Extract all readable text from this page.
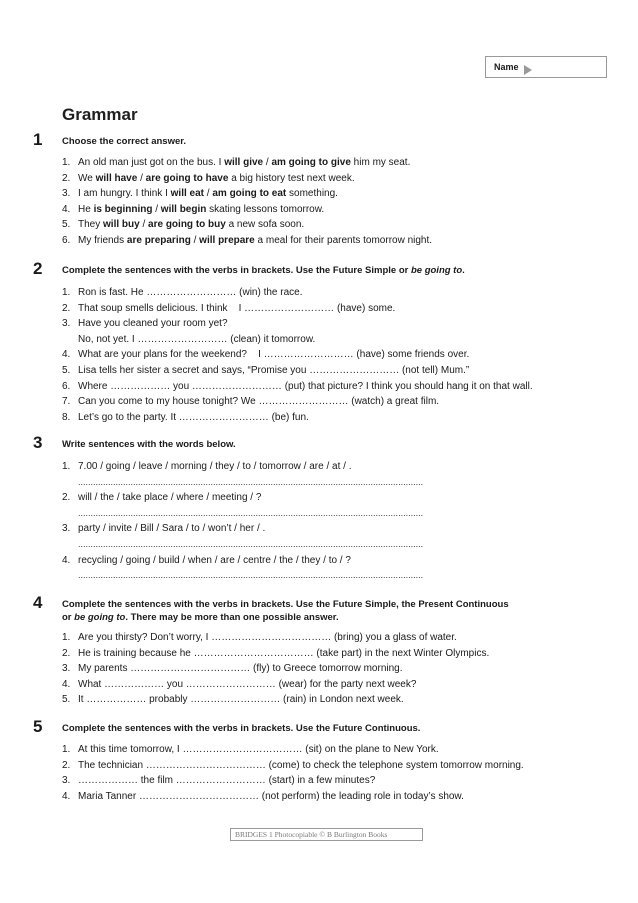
Name
Grammar
1 Choose the correct answer.
1. An old man just got on the bus. I will give / am going to give him my seat.
2. We will have / are going to have a big history test next week.
3. I am hungry. I think I will eat / am going to eat something.
4. He is beginning / will begin skating lessons tomorrow.
5. They will buy / are going to buy a new sofa soon.
6. My friends are preparing / will prepare a meal for their parents tomorrow night.
2 Complete the sentences with the verbs in brackets. Use the Future Simple or be going to.
1. Ron is fast. He ……………………… (win) the race.
2. That soup smells delicious. I think    I ……………………… (have) some.
3. Have you cleaned your room yet?
No, not yet. I ……………………… (clean) it tomorrow.
4. What are your plans for the weekend?    I ……………………… (have) some friends over.
5. Lisa tells her sister a secret and says, “Promise you ……………………… (not tell) Mum.”
6. Where ……………… you ……………………… (put) that picture? I think you should hang it on that wall.
7. Can you come to my house tonight? We ……………………… (watch) a great film.
8. Let’s go to the party. It ……………………… (be) fun.
3 Write sentences with the words below.
1. 7.00 / going / leave / morning / they / to / tomorrow / are / at / .
..........................................................................................................................................
2. will / the / take place / where / meeting / ?
..........................................................................................................................................
3. party / invite / Bill / Sara / to / won’t / her / .
..........................................................................................................................................
4. recycling / going / build / when / are / centre / the / they / to / ?
..........................................................................................................................................
4 Complete the sentences with the verbs in brackets. Use the Future Simple, the Present Continuous
or be going to. There may be more than one possible answer.
1. Are you thirsty? Don’t worry, I ……………………………… (bring) you a glass of water.
2. He is training because he ……………………………… (take part) in the next Winter Olympics.
3. My parents ……………………………… (fly) to Greece tomorrow morning.
4. What ……………… you ……………………… (wear) for the party next week?
5. It ……………… probably ……………………… (rain) in London next week.
5 Complete the sentences with the verbs in brackets. Use the Future Continuous.
1. At this time tomorrow, I ……………………………… (sit) on the plane to New York.
2. The technician ……………………………… (come) to check the telephone system tomorrow morning.
3. ……………… the film ……………………… (start) in a few minutes?
4. Maria Tanner ……………………………… (not perform) the leading role in today’s show.
BRIDGES 1 Photocopiable © B Burlington Books
